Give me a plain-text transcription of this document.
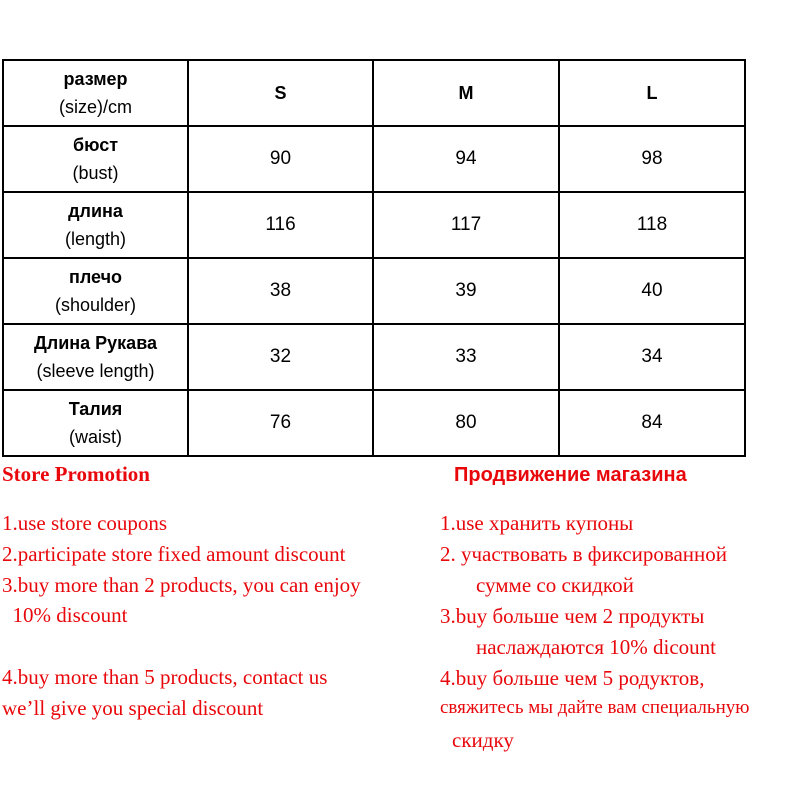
размер
(size)/cm	S	M	L

бюст
(bust)	90	94	98

длина
(length)	116	117	118

плечо
(shoulder)	38	39	40

Длина Рукава
(sleeve length)	32	33	34

Талия
(waist)	76	80	84
Store Promotion
1.use store coupons
2.participate store fixed amount discount
3.buy more than 2 products, you can enjoy
10% discount
4.buy more than 5 products, contact us
we’ll give you special discount
Продвижение магазина
1.use хранить купоны
2. участвовать в фиксированной
сумме со скидкой
3.buy больше чем 2 продукты
наслаждаются 10% dicount
4.buy больше чем 5 родуктов,
свяжитесь мы дайте вам специальную
скидку
